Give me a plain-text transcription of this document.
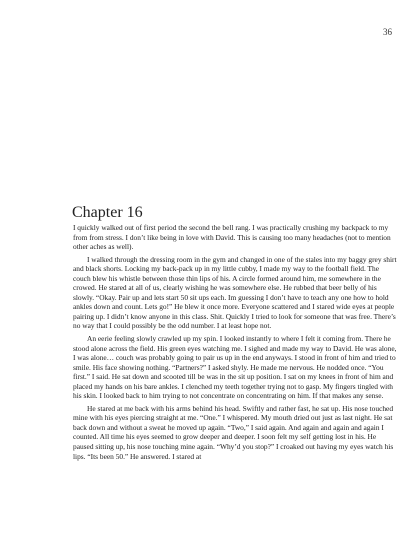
36
Chapter 16

I quickly walked out of first period the second the bell rang. I was practically crushing my backpack to my from from stress. I don’t like being in love with David. This is causing too many headaches (not to mention other aches as well).

I walked through the dressing room in the gym and changed in one of the stales into my baggy grey shirt and black shorts. Locking my back-pack up in my little cubby, I made my way to the football field. The couch blew his whistle between those thin lips of his. A circle formed around him, me somewhere in the crowed. He stared at all of us, clearly wishing he was somewhere else. He rubbed that beer belly of his slowly. “Okay. Pair up and lets start 50 sit ups each. Im guessing I don’t have to teach any one how to hold ankles down and count. Lets go!” He blew it once more. Everyone scattered and I stared wide eyes at people pairing up. I didn’t know anyone in this class. Shit. Quickly I tried to look for someone that was free. There’s no way that I could possibly be the odd number. I at least hope not.

An eerie feeling slowly crawled up my spin. I looked instantly to where I felt it coming from. There he stood alone across the field. His green eyes watching me. I sighed and made my way to David. He was alone, I was alone… couch was probably going to pair us up in the end anyways. I stood in front of him and tried to smile. His face showing nothing. “Partners?” I asked shyly. He made me nervous. He nodded once. “You first.” I said. He sat down and scooted till be was in the sit up position. I sat on my knees in front of him and placed my hands on his bare ankles. I clenched my teeth together trying not to gasp. My fingers tingled with his skin. I looked back to him trying to not concentrate on concentrating on him. If that makes any sense.

He stared at me back with his arms behind his head. Swiftly and rather fast, he sat up. His nose touched mine with his eyes piercing straight at me. “One.” I whispered. My mouth dried out just as last night. He sat back down and without a sweat he moved up again. “Two,” I said again. And again and again and again I counted. All time his eyes seemed to grow deeper and deeper. I soon felt my self getting lost in his. He paused sitting up, his nose touching mine again. “Why’d you stop?” I croaked out having my eyes watch his lips. “Its been 50.” He answered. I stared at
